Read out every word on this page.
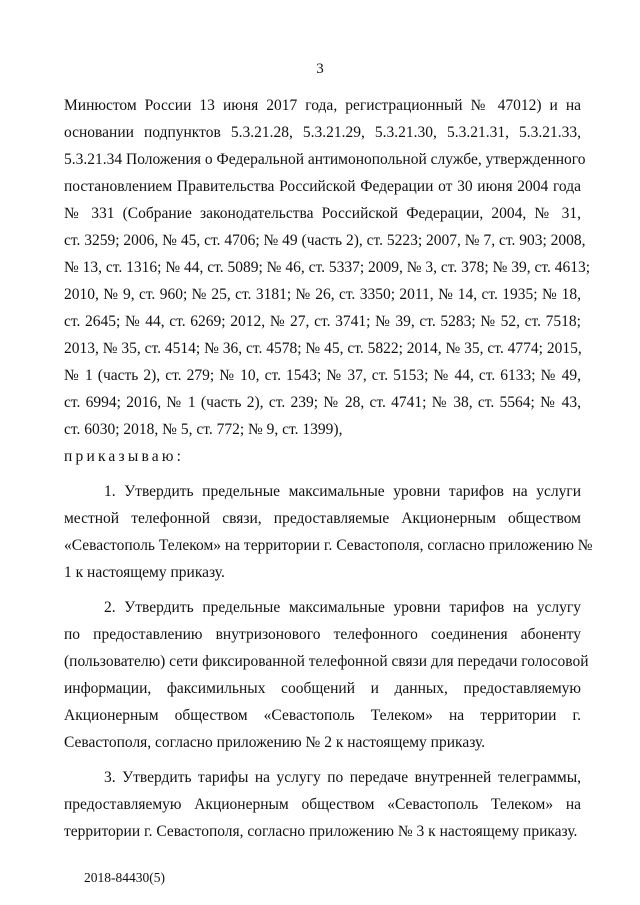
3
Минюстом России 13 июня 2017 года, регистрационный № 47012) и на
основании подпунктов 5.3.21.28, 5.3.21.29, 5.3.21.30, 5.3.21.31, 5.3.21.33,
5.3.21.34 Положения о Федеральной антимонопольной службе, утвержденного
постановлением Правительства Российской Федерации от 30 июня 2004 года
№ 331 (Собрание законодательства Российской Федерации, 2004, № 31,
ст. 3259; 2006, № 45, ст. 4706; № 49 (часть 2), ст. 5223; 2007, № 7, ст. 903; 2008,
№ 13, ст. 1316; № 44, ст. 5089; № 46, ст. 5337; 2009, № 3, ст. 378; № 39, ст. 4613;
2010, № 9, ст. 960; № 25, ст. 3181; № 26, ст. 3350; 2011, № 14, ст. 1935; № 18,
ст. 2645; № 44, ст. 6269; 2012, № 27, ст. 3741; № 39, ст. 5283; № 52, ст. 7518;
2013, № 35, ст. 4514; № 36, ст. 4578; № 45, ст. 5822; 2014, № 35, ст. 4774; 2015,
№ 1 (часть 2), ст. 279; № 10, ст. 1543; № 37, ст. 5153; № 44, ст. 6133; № 49,
ст. 6994; 2016, № 1 (часть 2), ст. 239; № 28, ст. 4741; № 38, ст. 5564; № 43,
ст. 6030; 2018, № 5, ст. 772; № 9, ст. 1399),
приказываю:
1. Утвердить предельные максимальные уровни тарифов на услуги
местной телефонной связи, предоставляемые Акционерным обществом
«Севастополь Телеком» на территории г. Севастополя, согласно приложению №
1 к настоящему приказу.
2. Утвердить предельные максимальные уровни тарифов на услугу
по предоставлению внутризонового телефонного соединения абоненту
(пользователю) сети фиксированной телефонной связи для передачи голосовой
информации, факсимильных сообщений и данных, предоставляемую
Акционерным обществом «Севастополь Телеком» на территории г.
Севастополя, согласно приложению № 2 к настоящему приказу.
3. Утвердить тарифы на услугу по передаче внутренней телеграммы,
предоставляемую Акционерным обществом «Севастополь Телеком» на
территории г. Севастополя, согласно приложению № 3 к настоящему приказу.
2018-84430(5)
